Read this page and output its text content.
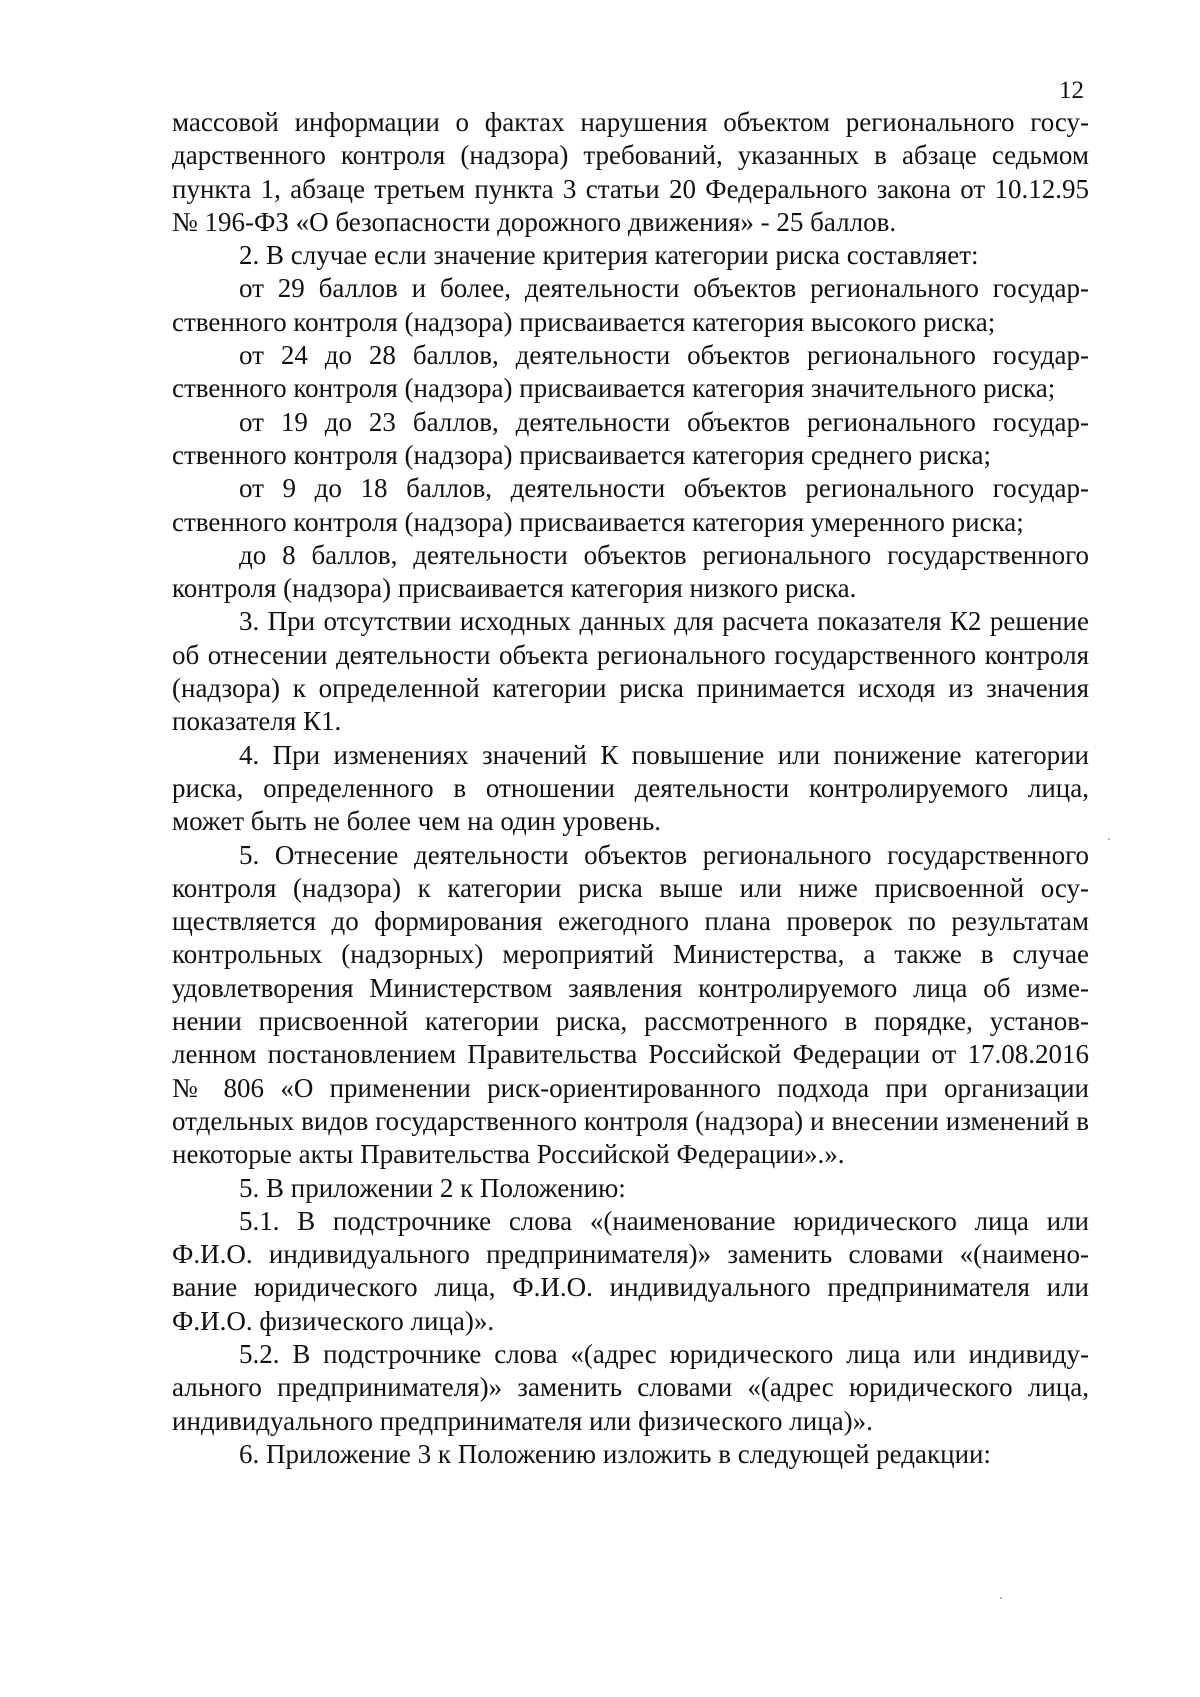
12

массовой информации о фактах нарушения объектом регионального государственного контроля (надзора) требований, указанных в абзаце седьмом пункта 1, абзаце третьем пункта 3 статьи 20 Федерального закона от 10.12.95 № 196-ФЗ «О безопасности дорожного движения» - 25 баллов.

2. В случае если значение критерия категории риска составляет:

от 29 баллов и более, деятельности объектов регионального государственного контроля (надзора) присваивается категория высокого риска;

от 24 до 28 баллов, деятельности объектов регионального государственного контроля (надзора) присваивается категория значительного риска;

от 19 до 23 баллов, деятельности объектов регионального государственного контроля (надзора) присваивается категория среднего риска;

от 9 до 18 баллов, деятельности объектов регионального государственного контроля (надзора) присваивается категория умеренного риска;

до 8 баллов, деятельности объектов регионального государственного контроля (надзора) присваивается категория низкого риска.

3. При отсутствии исходных данных для расчета показателя К2 решение об отнесении деятельности объекта регионального государственного контроля (надзора) к определенной категории риска принимается исходя из значения показателя К1.

4. При изменениях значений К повышение или понижение категории риска, определенного в отношении деятельности контролируемого лица, может быть не более чем на один уровень.

5. Отнесение деятельности объектов регионального государственного контроля (надзора) к категории риска выше или ниже присвоенной осуществляется до формирования ежегодного плана проверок по результатам контрольных (надзорных) мероприятий Министерства, а также в случае удовлетворения Министерством заявления контролируемого лица об изменении присвоенной категории риска, рассмотренного в порядке, установленном постановлением Правительства Российской Федерации от 17.08.2016 № 806 «О применении риск-ориентированного подхода при организации отдельных видов государственного контроля (надзора) и внесении изменений в некоторые акты Правительства Российской Федерации».».

5. В приложении 2 к Положению:

5.1. В подстрочнике слова «(наименование юридического лица или Ф.И.О. индивидуального предпринимателя)» заменить словами «(наименование юридического лица, Ф.И.О. индивидуального предпринимателя или Ф.И.О. физического лица)».

5.2. В подстрочнике слова «(адрес юридического лица или индивидуального предпринимателя)» заменить словами «(адрес юридического лица, индивидуального предпринимателя или физического лица)».

6. Приложение 3 к Положению изложить в следующей редакции:
